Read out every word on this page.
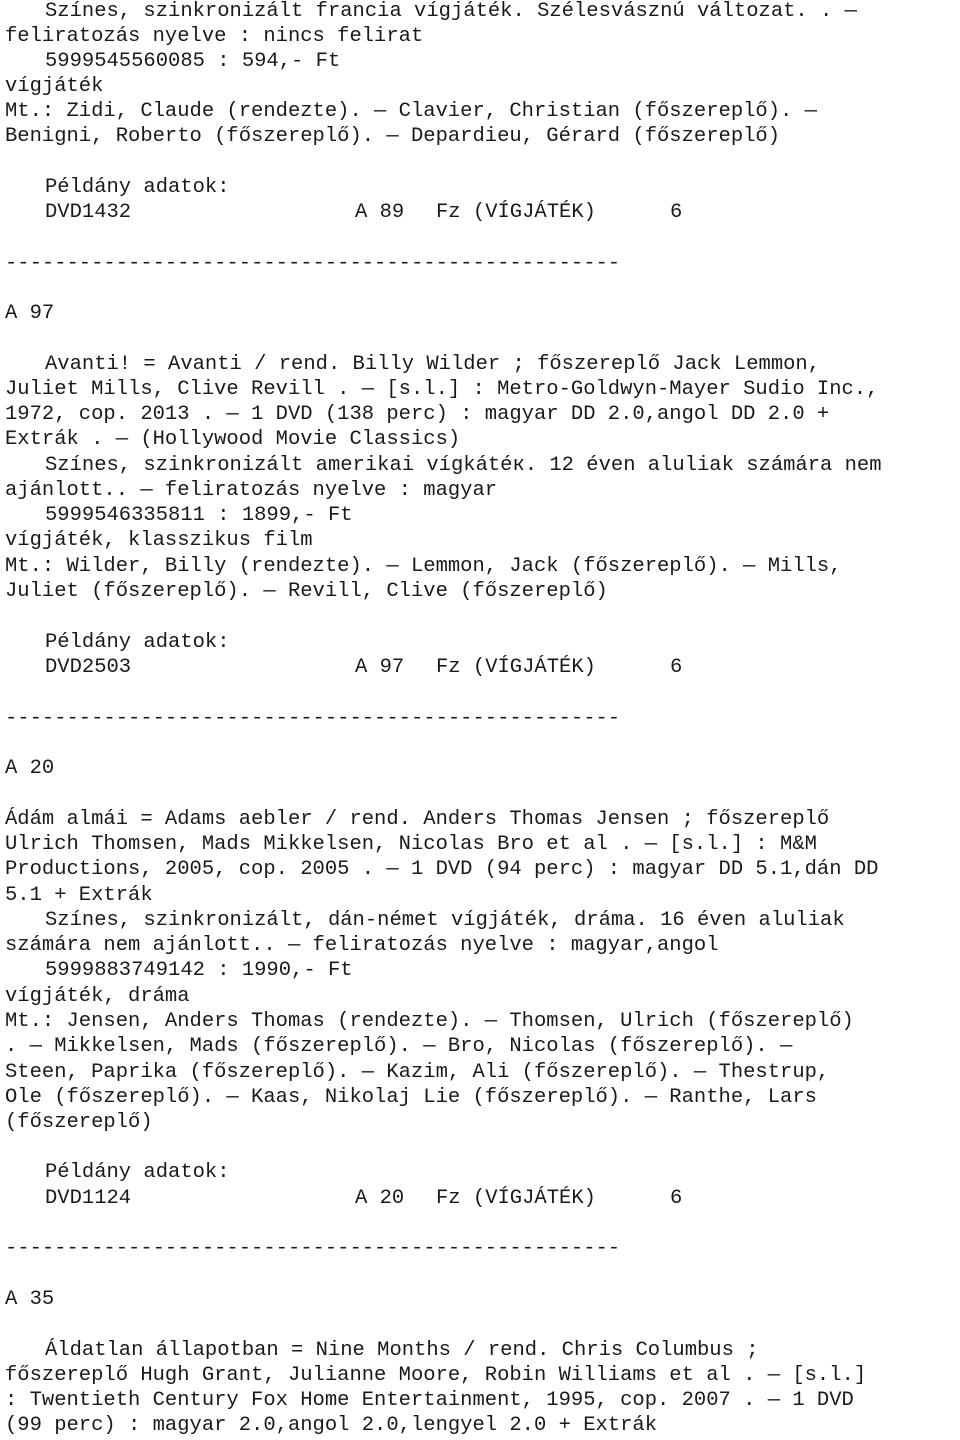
Színes, szinkronizált francia vígjáték. Szélesvásznú változat. . —
feliratozás nyelve : nincs felirat
5999545560085 : 594,- Ft
vígjáték
Mt.: Zidi, Claude (rendezte). — Clavier, Christian (főszereplő). —
Benigni, Roberto (főszereplő). — Depardieu, Gérard (főszereplő)
Példány adatok:
DVD1432	A 89	Fz (VÍGJÁTÉK)	6
--------------------------------------------------
A 97
Avanti! = Avanti / rend. Billy Wilder ; főszereplő Jack Lemmon,
Juliet Mills, Clive Revill . — [s.l.] : Metro-Goldwyn-Mayer Sudio Inc.,
1972, cop. 2013 . — 1 DVD (138 perc) : magyar DD 2.0,angol DD 2.0 +
Extrák . — (Hollywood Movie Classics)
Színes, szinkronizált amerikai vígkátéк. 12 éven aluliak számára nem
ajánlott.. — feliratozás nyelve : magyar
5999546335811 : 1899,- Ft
vígjáték, klasszikus film
Mt.: Wilder, Billy (rendezte). — Lemmon, Jack (főszereplő). — Mills,
Juliet (főszereplő). — Revill, Clive (főszereplő)
Példány adatok:
DVD2503	A 97	Fz (VÍGJÁTÉK)	6
--------------------------------------------------
A 20
Ádám almái = Adams aebler / rend. Anders Thomas Jensen ; főszereplő
Ulrich Thomsen, Mads Mikkelsen, Nicolas Bro et al . — [s.l.] : M&M
Productions, 2005, cop. 2005 . — 1 DVD (94 perc) : magyar DD 5.1,dán DD
5.1 + Extrák
Színes, szinkronizált, dán-német vígjáték, dráma. 16 éven aluliak
számára nem ajánlott.. — feliratozás nyelve : magyar,angol
5999883749142 : 1990,- Ft
vígjáték, dráma
Mt.: Jensen, Anders Thomas (rendezte). — Thomsen, Ulrich (főszereplő)
. — Mikkelsen, Mads (főszereplő). — Bro, Nicolas (főszereplő). —
Steen, Paprika (főszereplő). — Kazim, Ali (főszereplő). — Thestrup,
Ole (főszereplő). — Kaas, Nikolaj Lie (főszereplő). — Ranthe, Lars
(főszereplő)
Példány adatok:
DVD1124	A 20	Fz (VÍGJÁTÉK)	6
--------------------------------------------------
A 35
Áldatlan állapotban = Nine Months / rend. Chris Columbus ;
főszereplő Hugh Grant, Julianne Moore, Robin Williams et al . — [s.l.]
: Twentieth Century Fox Home Entertainment, 1995, cop. 2007 . — 1 DVD
(99 perc) : magyar 2.0,angol 2.0,lengyel 2.0 + Extrák
